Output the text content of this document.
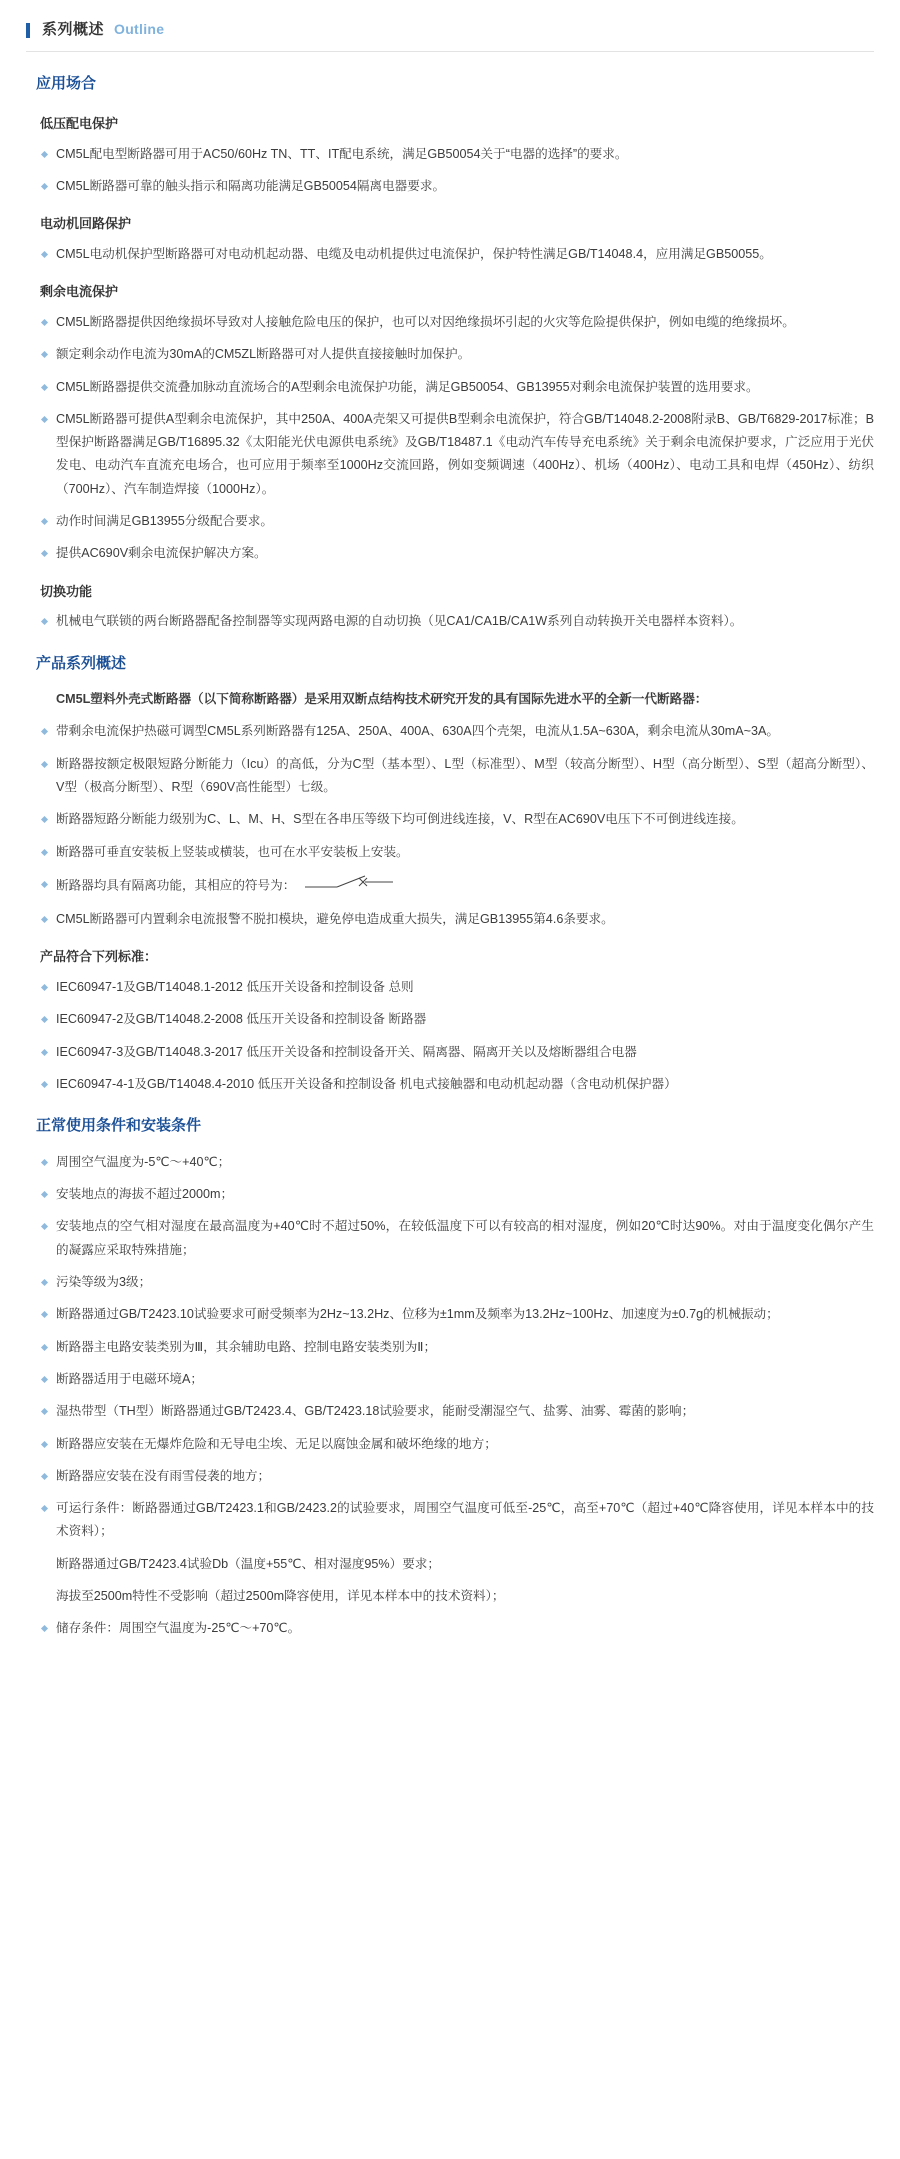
系列概述 Outline
应用场合
低压配电保护
CM5L配电型断路器可用于AC50/60Hz TN、TT、IT配电系统，满足GB50054关于“电器的选择”的要求。
CM5L断路器可靠的触头指示和隔离功能满足GB50054隔离电器要求。
电动机回路保护
CM5L电动机保护型断路器可对电动机起动器、电缆及电动机提供过电流保护，保护特性满足GB/T14048.4，应用满足GB50055。
剩余电流保护
CM5L断路器提供因绝缘损坏导致对人接触危险电压的保护，也可以对因绝缘损坏引起的火灾等危险提供保护，例如电缆的绝缘损坏。
额定剩余动作电流为30mA的CM5ZL断路器可对人提供直接接触时加保护。
CM5L断路器提供交流叠加脉动直流场合的A型剩余电流保护功能，满足GB50054、GB13955对剩余电流保护装置的选用要求。
CM5L断路器可提供A型剩余电流保护，其中250A、400A壳架又可提供B型剩余电流保护，符合GB/T14048.2-2008附录B、GB/T6829-2017标准；B型保护断路器满足GB/T16895.32《太阳能光伏电源供电系统》及GB/T18487.1《电动汽车传导充电系统》关于剩余电流保护要求，广泛应用于光伏发电、电动汽车直流充电场合，也可应用于频率至1000Hz交流回路，例如变频调速（400Hz）、机场（400Hz）、电动工具和电焊（450Hz）、纺织（700Hz）、汽车制造焊接（1000Hz）。
动作时间满足GB13955分级配合要求。
提供AC690V剩余电流保护解决方案。
切换功能
机械电气联锁的两台断路器配备控制器等实现两路电源的自动切换（见CA1/CA1B/CA1W系列自动转换开关电器样本资料）。
产品系列概述
CM5L塑料外壳式断路器（以下简称断路器）是采用双断点结构技术研究开发的具有国际先进水平的全新一代断路器：
带剩余电流保护热磁可调型CM5L系列断路器有125A、250A、400A、630A四个壳架，电流从1.5A~630A，剩余电流从30mA~3A。
断路器按额定极限短路分断能力（Icu）的高低，分为C型（基本型）、L型（标准型）、M型（较高分断型）、H型（高分断型）、S型（超高分断型）、V型（极高分断型）、R型（690V高性能型）七级。
断路器短路分断能力级别为C、L、M、H、S型在各串压等级下均可倒进线连接，V、R型在AC690V电压下不可倒进线连接。
断路器可垂直安装板上竖装或横装，也可在水平安装板上安装。
断路器均具有隔离功能，其相应的符号为：
CM5L断路器可内置剩余电流报警不脱扣模块，避免停电造成重大损失，满足GB13955第4.6条要求。
产品符合下列标准：
IEC60947-1及GB/T14048.1-2012 低压开关设备和控制设备 总则
IEC60947-2及GB/T14048.2-2008 低压开关设备和控制设备 断路器
IEC60947-3及GB/T14048.3-2017 低压开关设备和控制设备开关、隔离器、隔离开关以及熔断器组合电器
IEC60947-4-1及GB/T14048.4-2010 低压开关设备和控制设备 机电式接触器和电动机起动器（含电动机保护器）
正常使用条件和安装条件
周围空气温度为-5℃～+40℃；
安装地点的海拔不超过2000m；
安装地点的空气相对湿度在最高温度为+40℃时不超过50%，在较低温度下可以有较高的相对湿度，例如20℃时达90%。对由于温度变化偶尔产生的凝露应采取特殊措施；
污染等级为3级；
断路器通过GB/T2423.10试验要求可耐受频率为2Hz~13.2Hz、位移为±1mm及频率为13.2Hz~100Hz、加速度为±0.7g的机械振动；
断路器主电路安装类别为Ⅲ，其余辅助电路、控制电路安装类别为Ⅱ；
断路器适用于电磁环境A；
湿热带型（TH型）断路器通过GB/T2423.4、GB/T2423.18试验要求，能耐受潮湿空气、盐雾、油雾、霉菌的影响；
断路器应安装在无爆炸危险和无导电尘埃、无足以腐蚀金属和破坏绝缘的地方；
断路器应安装在没有雨雪侵袭的地方；
可运行条件：断路器通过GB/T2423.1和GB/2423.2的试验要求，周围空气温度可低至-25℃，高至+70℃（超过+40℃降容使用，详见本样本中的技术资料）；
断路器通过GB/T2423.4试验Db（温度+55℃、相对湿度95%）要求；
海拔至2500m特性不受影响（超过2500m降容使用，详见本样本中的技术资料）；
储存条件：周围空气温度为-25℃～+70℃。
